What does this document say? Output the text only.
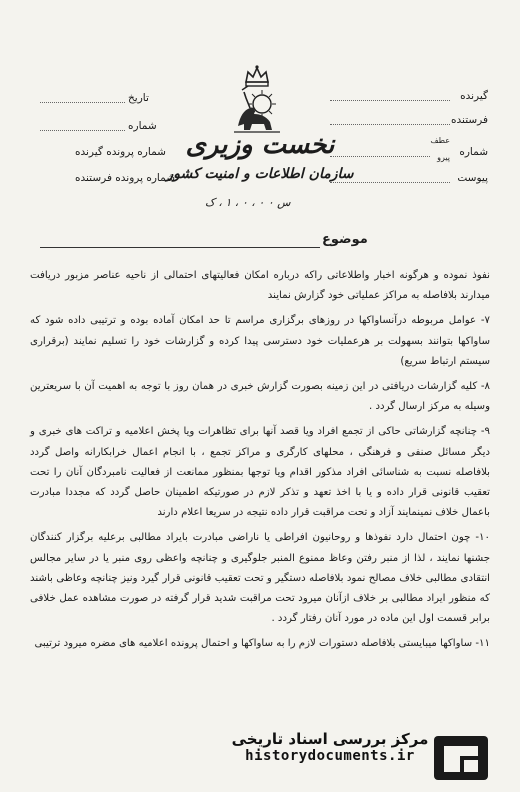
گیرنده
فرستنده
شماره
عطف
پیرو
پیوست
تاریخ
شماره
شماره پرونده گیرنده
شماره پرونده فرستنده
نخست وزیری
سازمان اطلاعات و امنیت کشور
س ۰ ۰ ، ۰ ، ۱ ، ک
موضوع

نفوذ نموده و هرگونه اخبار واطلاعاتی راکه درباره امکان فعالیتهای احتمالی از ناحیه عناصر مزبور دریافت میدارند بلافاصله به مراکز عملیاتی خود گزارش نمایند

۷- عوامل مربوطه درآنساواکها در روزهای برگزاری مراسم تا حد امکان آماده بوده و ترتیبی داده شود که ساواکها بتوانند بسهولت بر هرعملیات خود دسترسی پیدا کرده و گزارشات خود را تسلیم نمایند (برقراری سیستم ارتباط سریع)

۸- کلیه گزارشات دریافتی در این زمینه بصورت گزارش خبری در همان روز با توجه به اهمیت آن با سریعترین وسیله به مرکز ارسال گردد .

۹- چنانچه گزارشاتی حاکی از تجمع افراد ویا قصد آنها برای تظاهرات ویا پخش اعلامیه و تراکت های خبری و دیگر مسائل صنفی و فرهنگی ، محلهای کارگری و مراکز تجمع ، با انجام اعمال خرابکارانه واصل گردد بلافاصله نسبت به شناسائی افراد مذکور اقدام ویا توجها بمنظور ممانعت از فعالیت نامبردگان آنان را تحت تعقیب قانونی قرار داده و یا با اخذ تعهد و تذکر لازم در صورتیکه اطمینان حاصل گردد که مجددا مبادرت باعمال خلاف نمینمایند آزاد و تحت مراقبت قرار داده نتیجه در سریعا اعلام دارند

۱۰- چون احتمال دارد نفوذها و روحانیون افراطی یا ناراضی مبادرت بایراد مطالبی برعلیه برگزار کنندگان جشنها نمایند ، لذا از منبر رفتن وعاظ ممنوع المنبر جلوگیری و چنانچه واعظی روی منبر یا در سایر مجالس انتقادی مطالبی خلاف مصالح نمود بلافاصله دستگیر و تحت تعقیب قانونی قرار گیرد ونیز چنانچه وعاظی باشند که منظور ایراد مطالبی بر خلاف ازآنان میرود تحت مراقبت شدید قرار گرفته در صورت مشاهده عمل خلافی برابر قسمت اول این ماده در مورد آنان رفتار گردد .

۱۱- ساواکها میبایستی بلافاصله دستورات لازم را به ساواکها و احتمال پرونده اعلامیه های مضره میرود ترتیبی

مرکز بررسی اسناد تاریخی
historydocuments.ir
